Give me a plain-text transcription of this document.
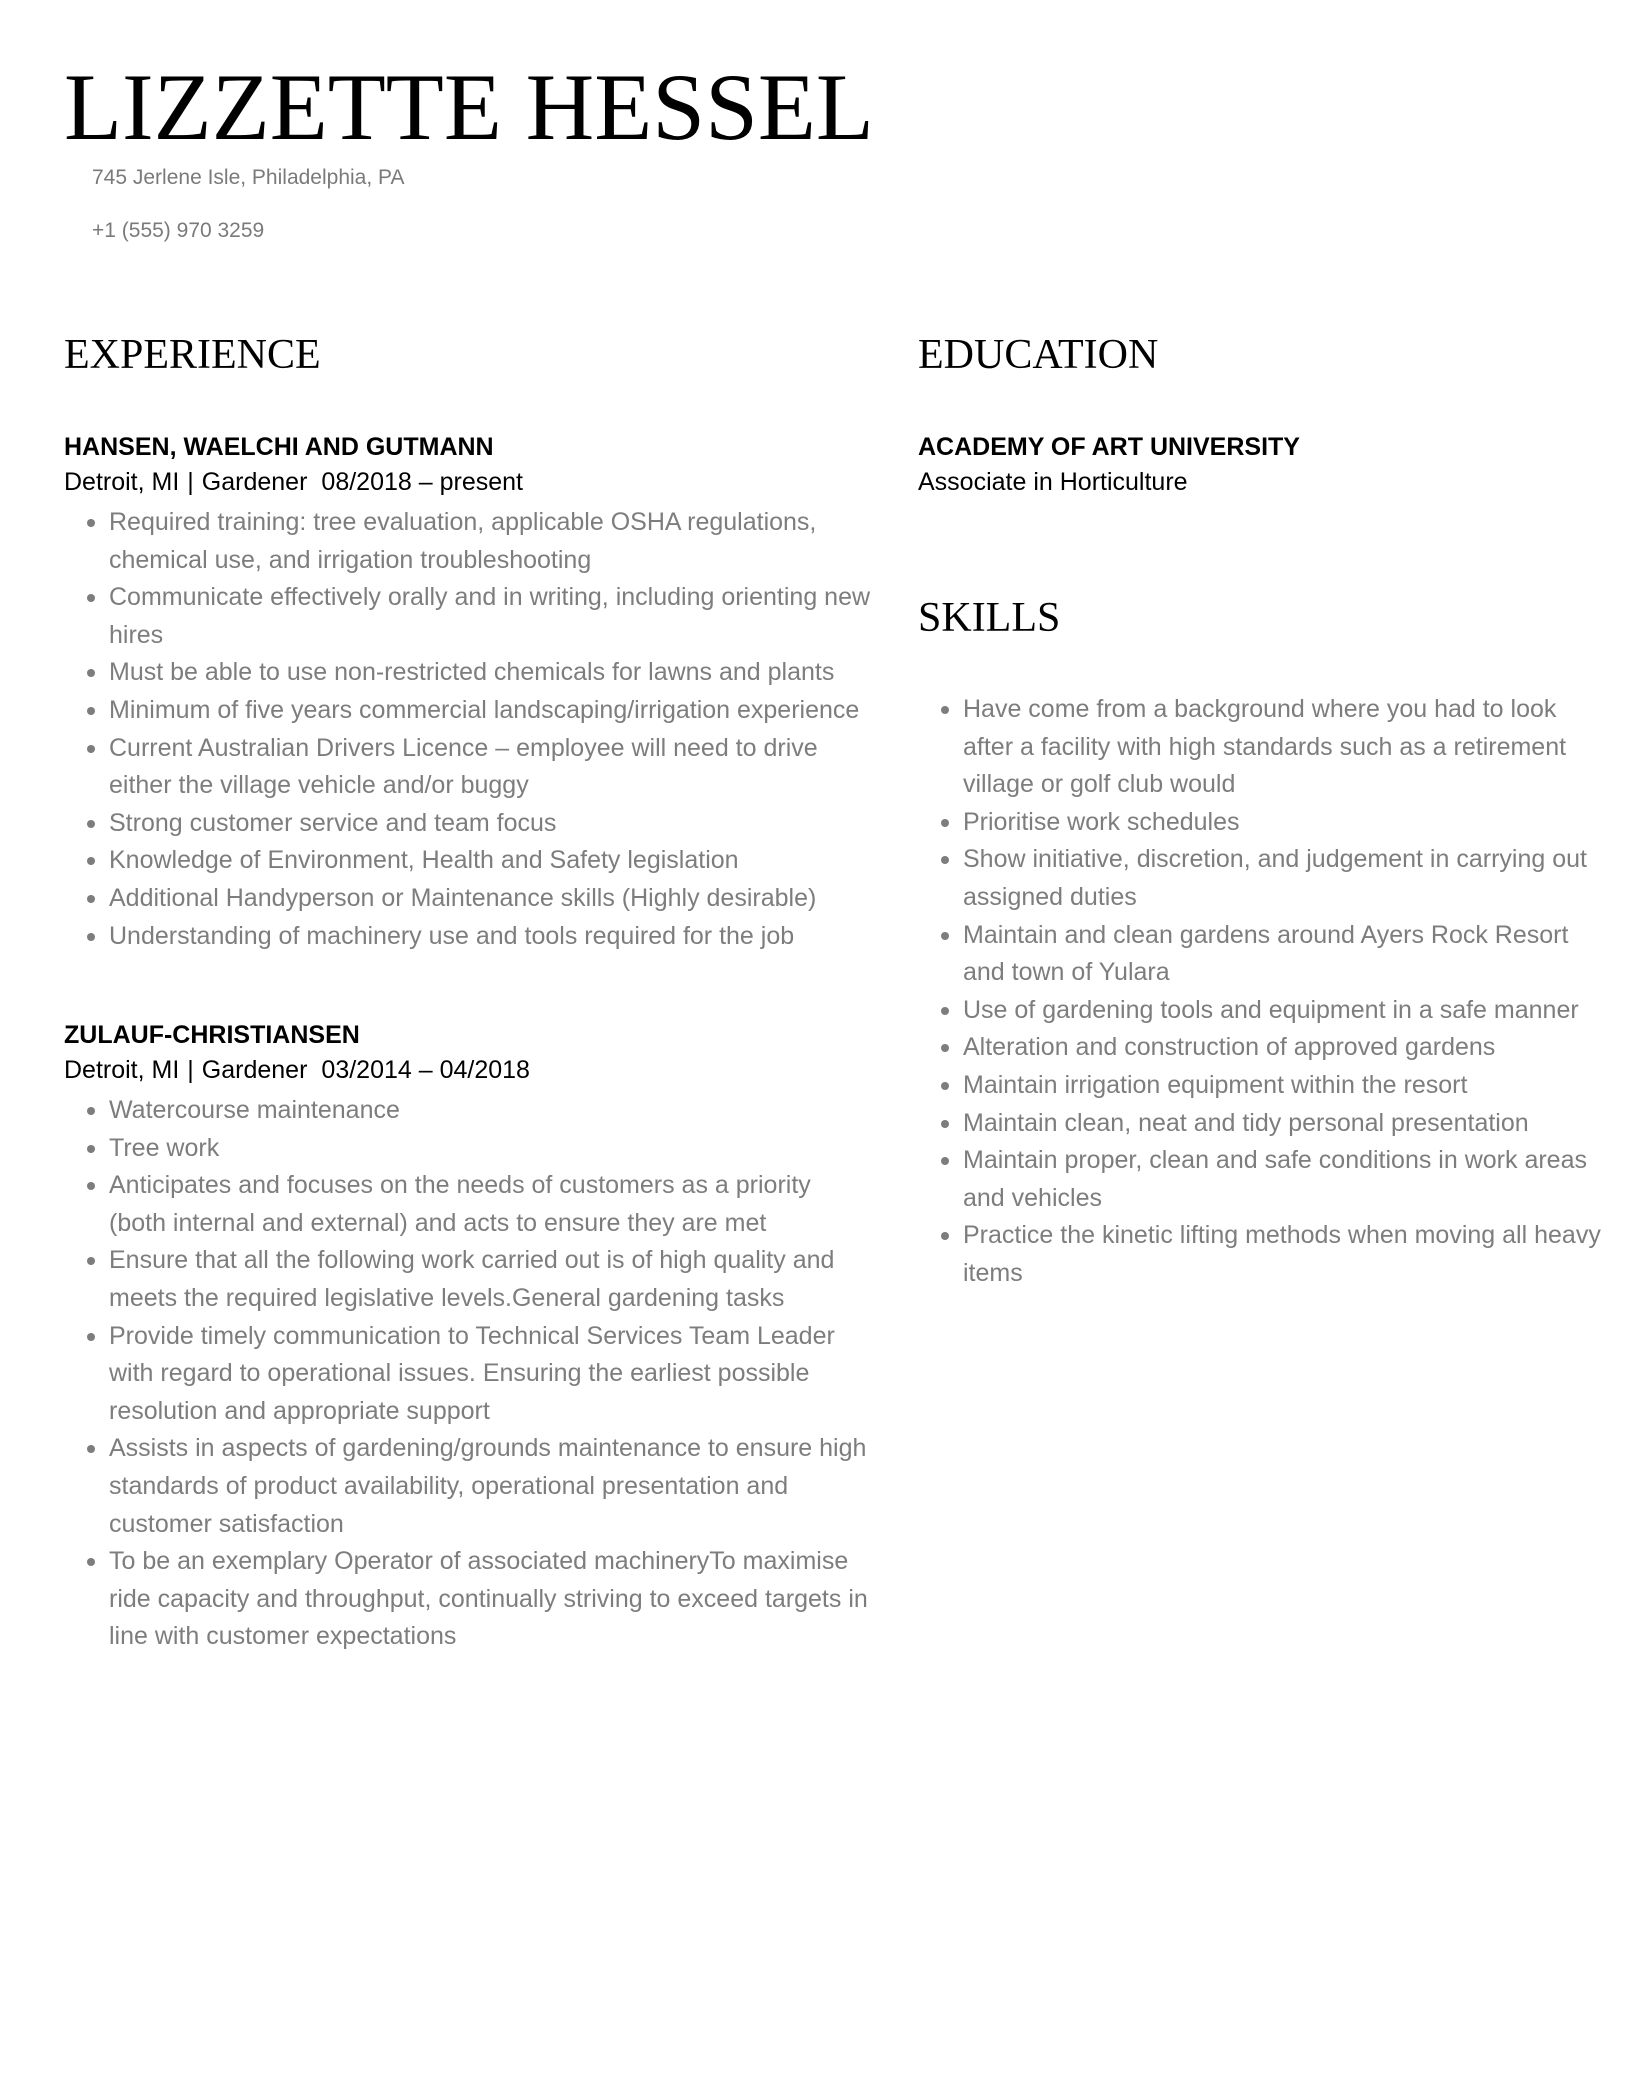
LIZZETTE HESSEL
745 Jerlene Isle, Philadelphia, PA
+1 (555) 970 3259
EXPERIENCE
HANSEN, WAELCHI AND GUTMANN
Detroit, MI | Gardener 08/2018 – present
Required training: tree evaluation, applicable OSHA regulations, chemical use, and irrigation troubleshooting
Communicate effectively orally and in writing, including orienting new hires
Must be able to use non-restricted chemicals for lawns and plants
Minimum of five years commercial landscaping/irrigation experience
Current Australian Drivers Licence – employee will need to drive either the village vehicle and/or buggy
Strong customer service and team focus
Knowledge of Environment, Health and Safety legislation
Additional Handyperson or Maintenance skills (Highly desirable)
Understanding of machinery use and tools required for the job
ZULAUF-CHRISTIANSEN
Detroit, MI | Gardener 03/2014 – 04/2018
Watercourse maintenance
Tree work
Anticipates and focuses on the needs of customers as a priority (both internal and external) and acts to ensure they are met
Ensure that all the following work carried out is of high quality and meets the required legislative levels.General gardening tasks
Provide timely communication to Technical Services Team Leader with regard to operational issues. Ensuring the earliest possible resolution and appropriate support
Assists in aspects of gardening/grounds maintenance to ensure high standards of product availability, operational presentation and customer satisfaction
To be an exemplary Operator of associated machineryTo maximise ride capacity and throughput, continually striving to exceed targets in line with customer expectations
EDUCATION
ACADEMY OF ART UNIVERSITY
Associate in Horticulture
SKILLS
Have come from a background where you had to look after a facility with high standards such as a retirement village or golf club would
Prioritise work schedules
Show initiative, discretion, and judgement in carrying out assigned duties
Maintain and clean gardens around Ayers Rock Resort and town of Yulara
Use of gardening tools and equipment in a safe manner
Alteration and construction of approved gardens
Maintain irrigation equipment within the resort
Maintain clean, neat and tidy personal presentation
Maintain proper, clean and safe conditions in work areas and vehicles
Practice the kinetic lifting methods when moving all heavy items
